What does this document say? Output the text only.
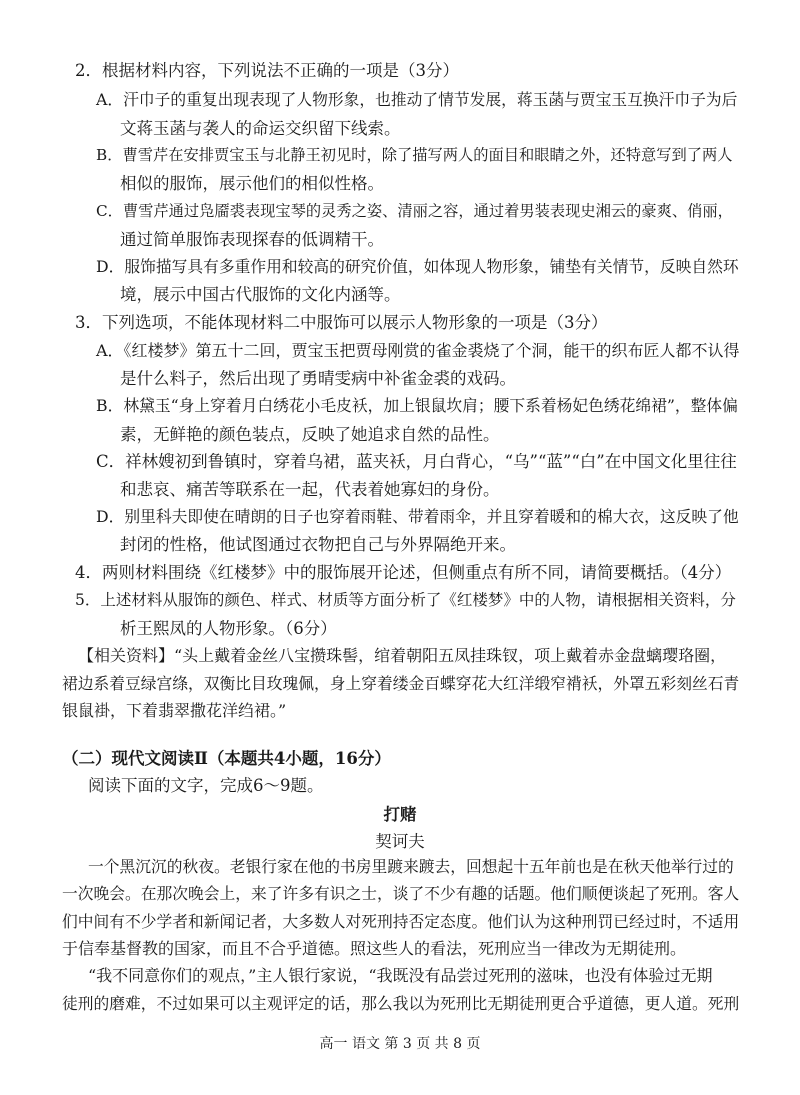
2．根据材料内容，下列说法不正确的一项是（3分）
A．汗巾子的重复出现表现了人物形象，也推动了情节发展，蒋玉菡与贾宝玉互换汗巾子为后
文蒋玉菡与袭人的命运交织留下线索。
B．曹雪芹在安排贾宝玉与北静王初见时，除了描写两人的面目和眼睛之外，还特意写到了两人
相似的服饰，展示他们的相似性格。
C．曹雪芹通过凫靥裘表现宝琴的灵秀之姿、清丽之容，通过着男装表现史湘云的豪爽、俏丽，
通过简单服饰表现探春的低调精干。
D．服饰描写具有多重作用和较高的研究价值，如体现人物形象，铺垫有关情节，反映自然环
境，展示中国古代服饰的文化内涵等。
3．下列选项，不能体现材料二中服饰可以展示人物形象的一项是（3分）
A．《红楼梦》第五十二回，贾宝玉把贾母刚赏的雀金裘烧了个洞，能干的织布匠人都不认得
是什么料子，然后出现了勇晴雯病中补雀金裘的戏码。
B．林黛玉“身上穿着月白绣花小毛皮袄，加上银鼠坎肩；腰下系着杨妃色绣花绵裙”，整体偏
素，无鲜艳的颜色装点，反映了她追求自然的品性。
C．祥林嫂初到鲁镇时，穿着乌裙，蓝夹袄，月白背心，“乌”“蓝”“白”在中国文化里往往
和悲哀、痛苦等联系在一起，代表着她寡妇的身份。
D．别里科夫即使在晴朗的日子也穿着雨鞋、带着雨伞，并且穿着暖和的棉大衣，这反映了他
封闭的性格，他试图通过衣物把自己与外界隔绝开来。
4．两则材料围绕《红楼梦》中的服饰展开论述，但侧重点有所不同，请简要概括。（4分）
5．上述材料从服饰的颜色、样式、材质等方面分析了《红楼梦》中的人物，请根据相关资料，分
析王熙凤的人物形象。（6分）
【相关资料】“头上戴着金丝八宝攒珠髻，绾着朝阳五凤挂珠钗，项上戴着赤金盘螭璎珞圈，
裙边系着豆绿宫绦，双衡比目玫瑰佩，身上穿着缕金百蝶穿花大红洋缎窄褙袄，外罩五彩刻丝石青
银鼠褂，下着翡翠撒花洋绉裙。”
（二）现代文阅读Ⅱ（本题共4小题，16分）
阅读下面的文字，完成6～9题。
打赌
契诃夫
一个黑沉沉的秋夜。老银行家在他的书房里踱来踱去，回想起十五年前也是在秋天他举行过的
一次晚会。在那次晚会上，来了许多有识之士，谈了不少有趣的话题。他们顺便谈起了死刑。客人
们中间有不少学者和新闻记者，大多数人对死刑持否定态度。他们认为这种刑罚已经过时，不适用
于信奉基督教的国家，而且不合乎道德。照这些人的看法，死刑应当一律改为无期徒刑。
“我不同意你们的观点，”主人银行家说，“我既没有品尝过死刑的滋味，也没有体验过无期
徒刑的磨难，不过如果可以主观评定的话，那么我以为死刑比无期徒刑更合乎道德，更人道。死刑
高一 语文 第 3 页 共 8 页
